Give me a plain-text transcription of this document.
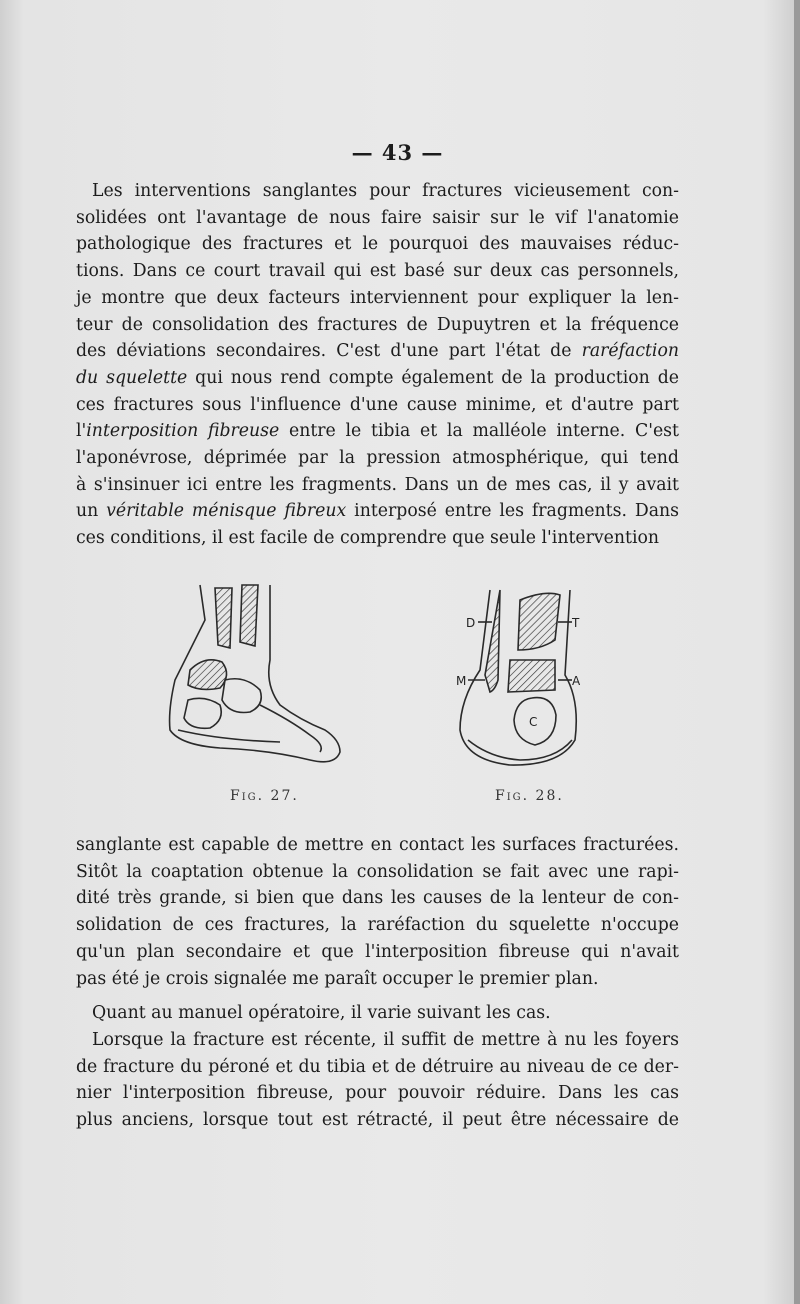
— 43 —
Les interventions sanglantes pour fractures vicieusement con-
solidées ont l'avantage de nous faire saisir sur le vif l'anatomie
pathologique des fractures et le pourquoi des mauvaises réduc-
tions. Dans ce court travail qui est basé sur deux cas personnels,
je montre que deux facteurs interviennent pour expliquer la len-
teur de consolidation des fractures de Dupuytren et la fréquence
des déviations secondaires. C'est d'une part l'état de raréfaction
du squelette qui nous rend compte également de la production de
ces fractures sous l'influence d'une cause minime, et d'autre part
l'interposition fibreuse entre le tibia et la malléole interne. C'est
l'aponévrose, déprimée par la pression atmosphérique, qui tend
à s'insinuer ici entre les fragments. Dans un de mes cas, il y avait
un véritable ménisque fibreux interposé entre les fragments. Dans
ces conditions, il est facile de comprendre que seule l'intervention
D	T
M	A
C
Fig. 27.	Fig. 28.
sanglante est capable de mettre en contact les surfaces fracturées.
Sitôt la coaptation obtenue la consolidation se fait avec une rapi-
dité très grande, si bien que dans les causes de la lenteur de con-
solidation de ces fractures, la raréfaction du squelette n'occupe
qu'un plan secondaire et que l'interposition fibreuse qui n'avait
pas été je crois signalée me paraît occuper le premier plan.
Quant au manuel opératoire, il varie suivant les cas.
Lorsque la fracture est récente, il suffit de mettre à nu les foyers
de fracture du péroné et du tibia et de détruire au niveau de ce der-
nier l'interposition fibreuse, pour pouvoir réduire. Dans les cas
plus anciens, lorsque tout est rétracté, il peut être nécessaire de
